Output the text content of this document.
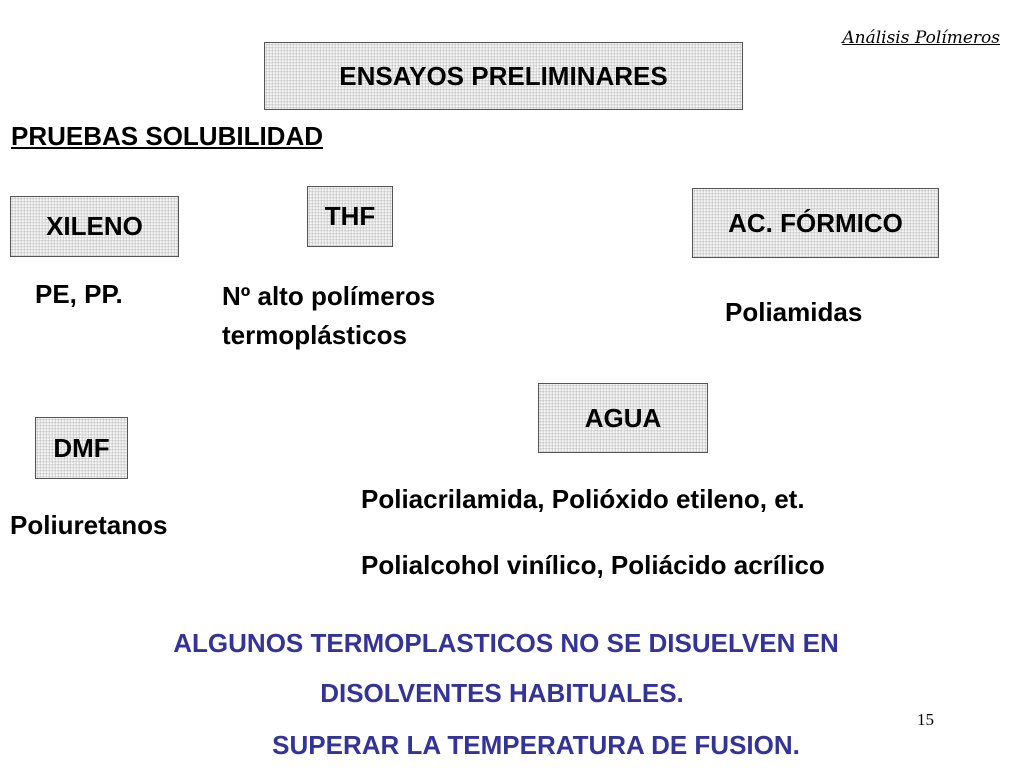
Análisis Polímeros
ENSAYOS PRELIMINARES
PRUEBAS SOLUBILIDAD
XILENO
PE, PP.
THF
Nº alto polímeros
termoplásticos
AC. FÓRMICO
Poliamidas
AGUA
Poliacrilamida, Polióxido etileno, et.
Polialcohol vinílico, Poliácido acrílico
DMF
Poliuretanos
ALGUNOS TERMOPLASTICOS NO SE DISUELVEN EN
DISOLVENTES HABITUALES.
SUPERAR LA TEMPERATURA DE FUSION.
15
